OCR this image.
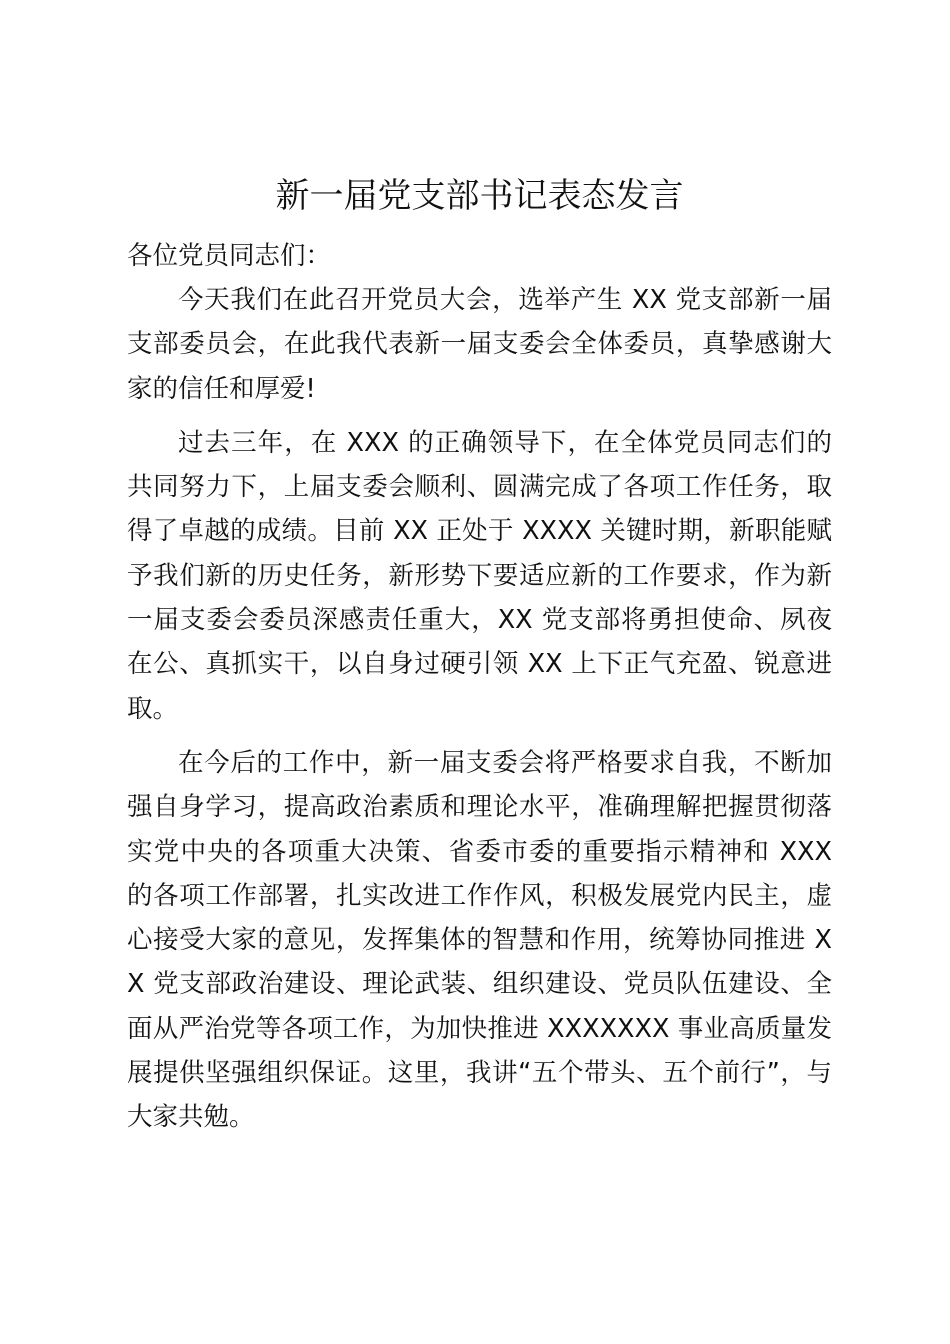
新一届党支部书记表态发言

各位党员同志们：

今天我们在此召开党员大会，选举产生 XX 党支部新一届支部委员会，在此我代表新一届支委会全体委员，真挚感谢大家的信任和厚爱!

过去三年，在 XXX 的正确领导下，在全体党员同志们的共同努力下，上届支委会顺利、圆满完成了各项工作任务，取得了卓越的成绩。目前 XX 正处于 XXXX 关键时期，新职能赋予我们新的历史任务，新形势下要适应新的工作要求，作为新一届支委会委员深感责任重大，XX 党支部将勇担使命、夙夜在公、真抓实干，以自身过硬引领 XX 上下正气充盈、锐意进取。

在今后的工作中，新一届支委会将严格要求自我，不断加强自身学习，提高政治素质和理论水平，准确理解把握贯彻落实党中央的各项重大决策、省委市委的重要指示精神和 XXX 的各项工作部署，扎实改进工作作风，积极发展党内民主，虚心接受大家的意见，发挥集体的智慧和作用，统筹协同推进 XX 党支部政治建设、理论武装、组织建设、党员队伍建设、全面从严治党等各项工作，为加快推进 XXXXXXX 事业高质量发展提供坚强组织保证。这里，我讲“五个带头、五个前行”，与大家共勉。
